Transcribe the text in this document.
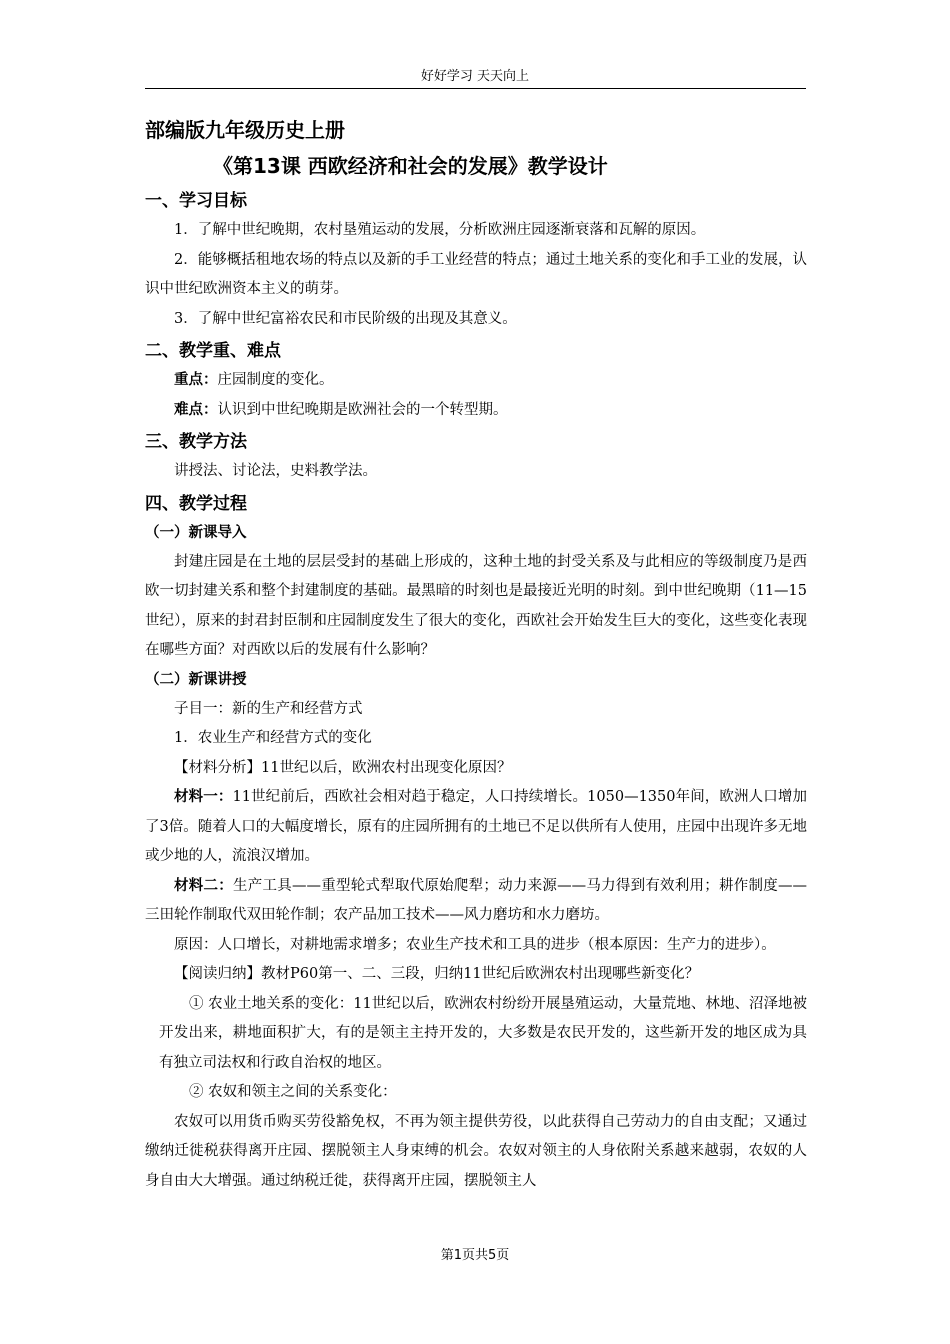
好好学习 天天向上
部编版九年级历史上册
《第13课 西欧经济和社会的发展》教学设计
一、学习目标

1．了解中世纪晚期，农村垦殖运动的发展，分析欧洲庄园逐渐衰落和瓦解的原因。

2．能够概括租地农场的特点以及新的手工业经营的特点；通过土地关系的变化和手工业的发展，认识中世纪欧洲资本主义的萌芽。

3．了解中世纪富裕农民和市民阶级的出现及其意义。

二、教学重、难点

重点：庄园制度的变化。

难点：认识到中世纪晚期是欧洲社会的一个转型期。

三、教学方法

讲授法、讨论法，史料教学法。

四、教学过程
（一）新课导入

封建庄园是在土地的层层受封的基础上形成的，这种土地的封受关系及与此相应的等级制度乃是西欧一切封建关系和整个封建制度的基础。最黑暗的时刻也是最接近光明的时刻。到中世纪晚期（11—15世纪），原来的封君封臣制和庄园制度发生了很大的变化，西欧社会开始发生巨大的变化，这些变化表现在哪些方面？对西欧以后的发展有什么影响？

（二）新课讲授

子目一：新的生产和经营方式

1．农业生产和经营方式的变化

【材料分析】11世纪以后，欧洲农村出现变化原因？

材料一：11世纪前后，西欧社会相对趋于稳定，人口持续增长。1050—1350年间，欧洲人口增加了3倍。随着人口的大幅度增长，原有的庄园所拥有的土地已不足以供所有人使用，庄园中出现许多无地或少地的人，流浪汉增加。

材料二：生产工具——重型轮式犁取代原始爬犁；动力来源——马力得到有效利用；耕作制度——三田轮作制取代双田轮作制；农产品加工技术——风力磨坊和水力磨坊。

原因：人口增长，对耕地需求增多；农业生产技术和工具的进步（根本原因：生产力的进步）。

【阅读归纳】教材P60第一、二、三段，归纳11世纪后欧洲农村出现哪些新变化？

① 农业土地关系的变化：11世纪以后，欧洲农村纷纷开展垦殖运动，大量荒地、林地、沼泽地被开发出来，耕地面积扩大，有的是领主主持开发的，大多数是农民开发的，这些新开发的地区成为具有独立司法权和行政自治权的地区。

② 农奴和领主之间的关系变化：

农奴可以用货币购买劳役豁免权，不再为领主提供劳役，以此获得自己劳动力的自由支配；又通过缴纳迁徙税获得离开庄园、摆脱领主人身束缚的机会。农奴对领主的人身依附关系越来越弱，农奴的人身自由大大增强。通过纳税迁徙，获得离开庄园，摆脱领主人

第1页共5页
